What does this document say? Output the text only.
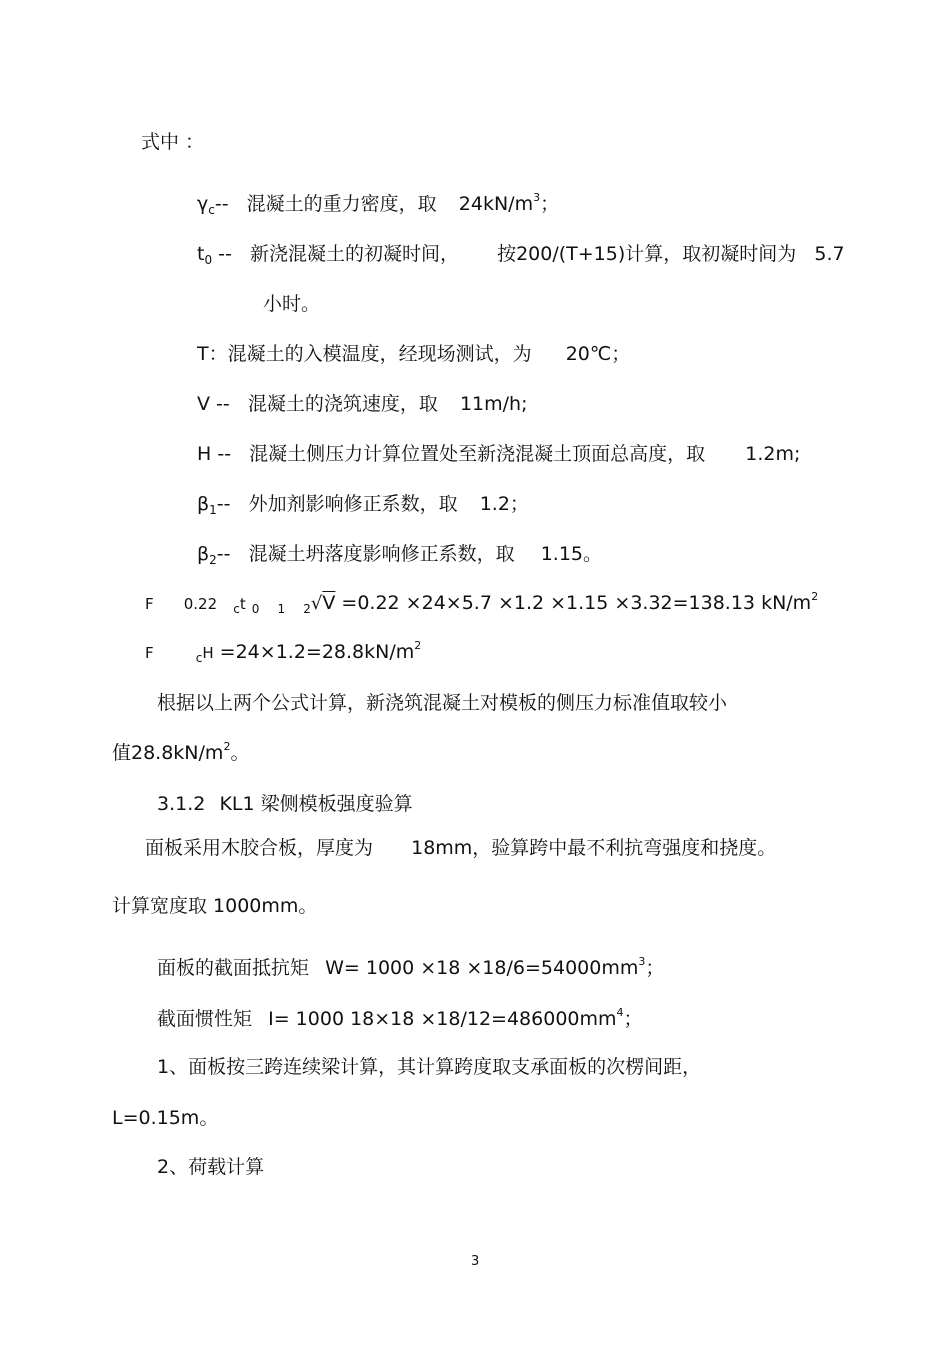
式中 ：
$\gamma_c--$ 混凝土的重力密度，取 $24kN/m^3$；
$t_0$ -- 新浇混凝土的初凝时间， 按200/(T+15)计算，取初凝时间为 5.7
小时。
T：混凝土的入模温度，经现场测试，为 20℃；
V -- 混凝土的浇筑速度，取 11m/h;
H -- 混凝土侧压力计算位置处至新浇混凝土顶面总高度，取 1.2m;
$\beta_1--$ 外加剂影响修正系数，取 1.2；
$\beta_2--$ 混凝土坍落度影响修正系数，取 1.15。
F 0.22 $_c$t $_0$ $_1$ $_2$√V =0.22 ×24×5.7 ×1.2 ×1.15 ×3.32=138.13 $kN/m^2$
F	$_cH =24\times 1.2=28.8kN/m^2$
根据以上两个公式计算，新浇筑混凝土对模板的侧压力标准值取较小
值$28.8kN/m^2$。
3.1.2 KL1 梁侧模板强度验算
面板采用木胶合板，厚度为 18mm，验算跨中最不利抗弯强度和挠度。
计算宽度取 1000mm。
面板的截面抵抗矩 $W= 1000 \times 18 \times 18/6=54000mm^3$；
截面惯性矩 I= 1000 $18\times 18 \times 18/12=486000mm^4$；
1、面板按三跨连续梁计算，其计算跨度取支承面板的次楞间距，
L=0.15m。
2、荷载计算
3
